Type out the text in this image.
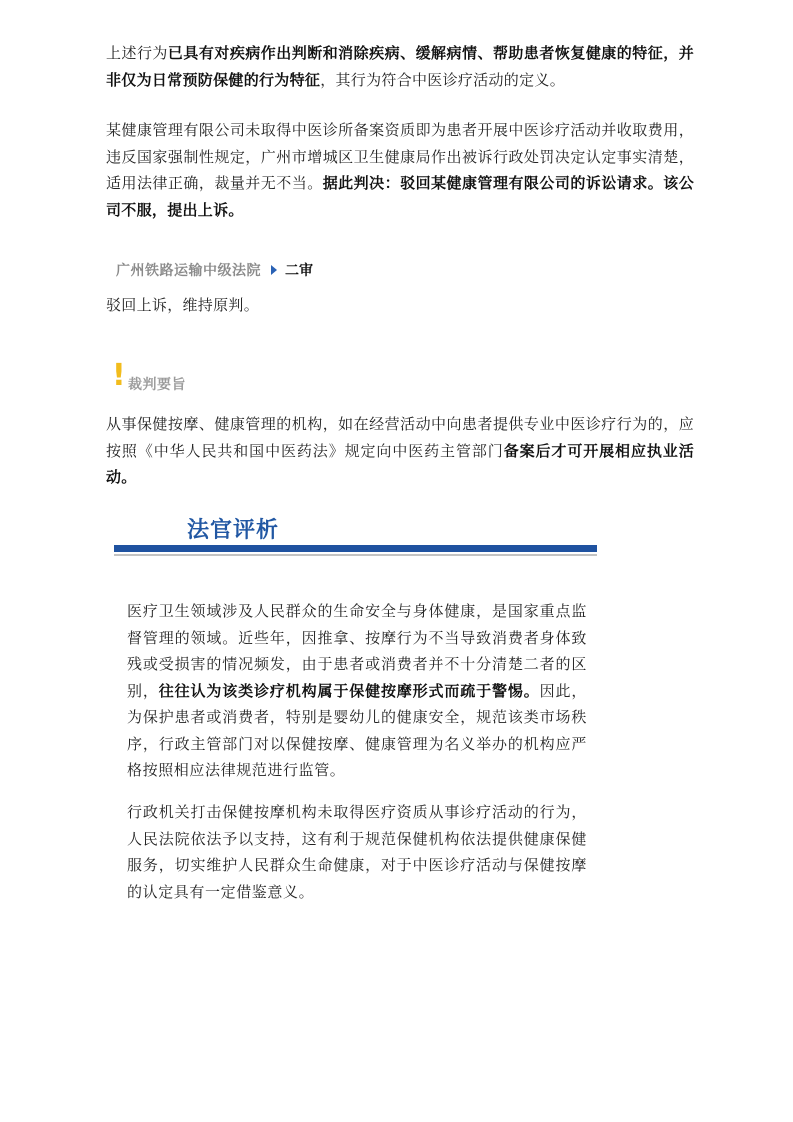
上述行为已具有对疾病作出判断和消除疾病、缓解病情、帮助患者恢复健康的特征，并非仅为日常预防保健的行为特征，其行为符合中医诊疗活动的定义。

某健康管理有限公司未取得中医诊所备案资质即为患者开展中医诊疗活动并收取费用，违反国家强制性规定，广州市增城区卫生健康局作出被诉行政处罚决定认定事实清楚，适用法律正确，裁量并无不当。据此判决：驳回某健康管理有限公司的诉讼请求。该公司不服，提出上诉。

广州铁路运输中级法院 二审

驳回上诉，维持原判。

! 裁判要旨

从事保健按摩、健康管理的机构，如在经营活动中向患者提供专业中医诊疗行为的，应按照《中华人民共和国中医药法》规定向中医药主管部门备案后才可开展相应执业活动。

法官评析

医疗卫生领域涉及人民群众的生命安全与身体健康，是国家重点监督管理的领域。近些年，因推拿、按摩行为不当导致消费者身体致残或受损害的情况频发，由于患者或消费者并不十分清楚二者的区别，往往认为该类诊疗机构属于保健按摩形式而疏于警惕。因此，为保护患者或消费者，特别是婴幼儿的健康安全，规范该类市场秩序，行政主管部门对以保健按摩、健康管理为名义举办的机构应严格按照相应法律规范进行监管。

行政机关打击保健按摩机构未取得医疗资质从事诊疗活动的行为，人民法院依法予以支持，这有利于规范保健机构依法提供健康保健服务，切实维护人民群众生命健康，对于中医诊疗活动与保健按摩的认定具有一定借鉴意义。
